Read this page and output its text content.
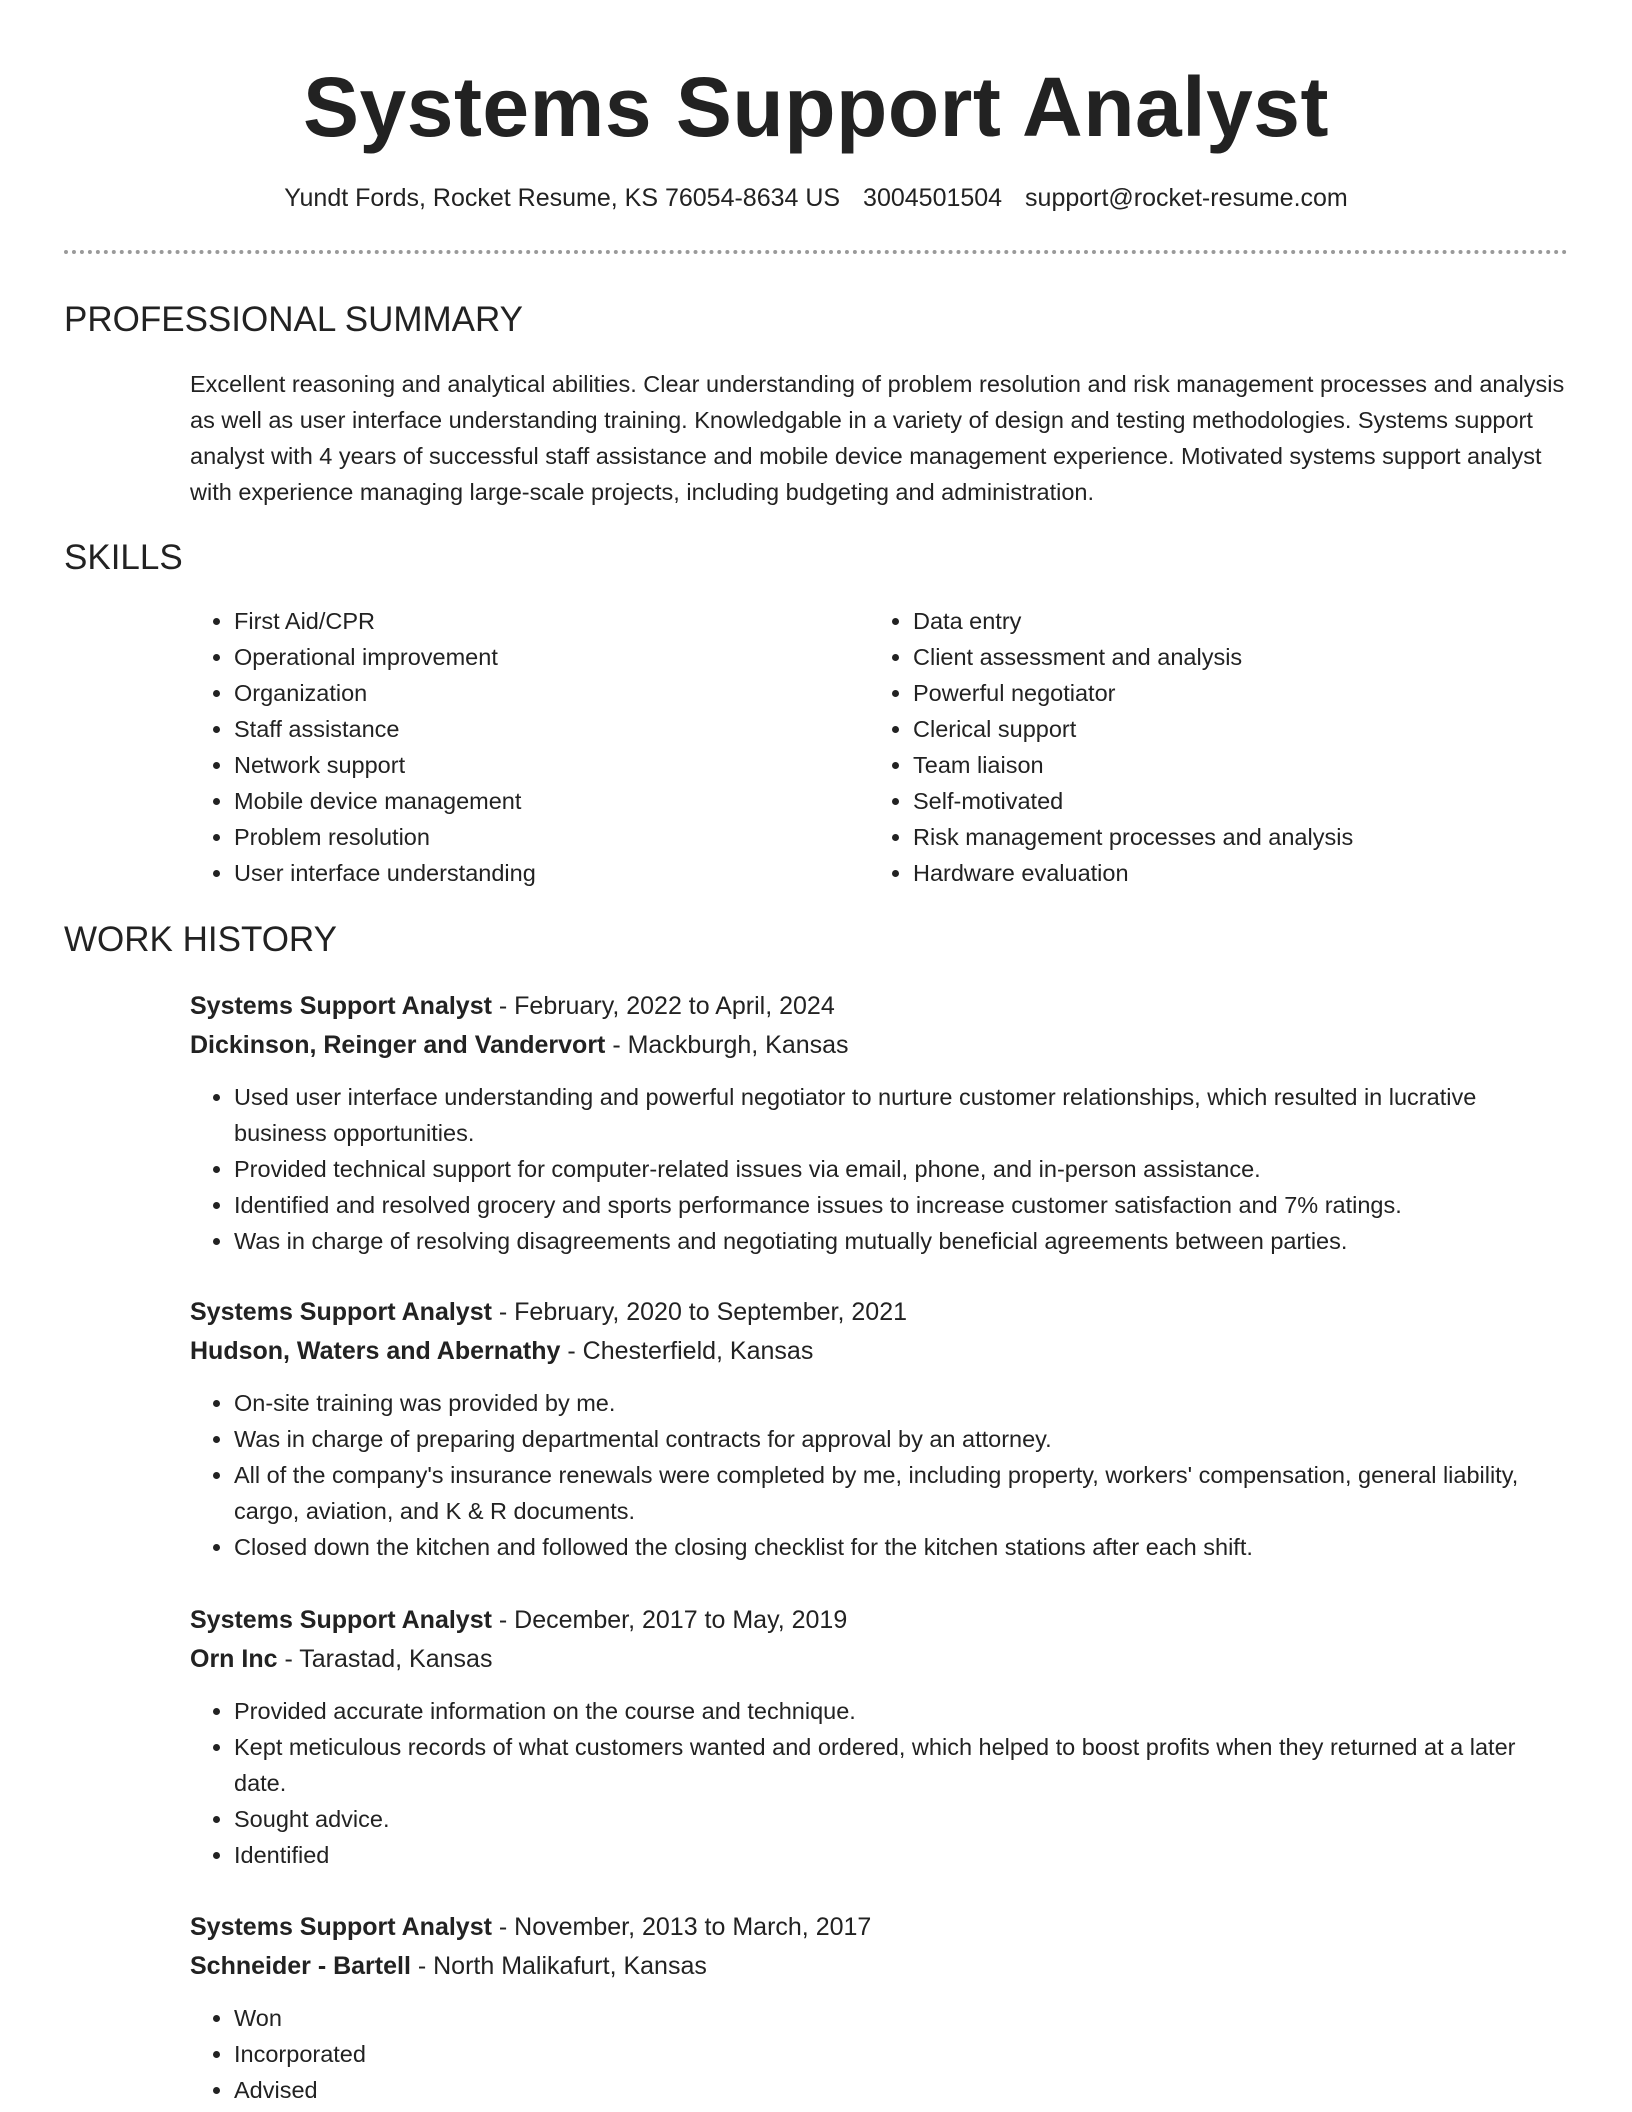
Systems Support Analyst
Yundt Fords, Rocket Resume, KS 76054-8634 US 3004501504 support@rocket-resume.com
PROFESSIONAL SUMMARY

Excellent reasoning and analytical abilities. Clear understanding of problem resolution and risk management processes and analysis as well as user interface understanding training. Knowledgable in a variety of design and testing methodologies. Systems support analyst with 4 years of successful staff assistance and mobile device management experience. Motivated systems support analyst with experience managing large-scale projects, including budgeting and administration.

SKILLS
• First Aid/CPR
• Operational improvement
• Organization
• Staff assistance
• Network support
• Mobile device management
• Problem resolution
• User interface understanding
• Data entry
• Client assessment and analysis
• Powerful negotiator
• Clerical support
• Team liaison
• Self-motivated
• Risk management processes and analysis
• Hardware evaluation
WORK HISTORY

Systems Support Analyst - February, 2022 to April, 2024

Dickinson, Reinger and Vandervort - Mackburgh, Kansas

• Used user interface understanding and powerful negotiator to nurture customer relationships, which resulted in lucrative business opportunities.
• Provided technical support for computer-related issues via email, phone, and in-person assistance.
• Identified and resolved grocery and sports performance issues to increase customer satisfaction and 7% ratings.
• Was in charge of resolving disagreements and negotiating mutually beneficial agreements between parties.

Systems Support Analyst - February, 2020 to September, 2021

Hudson, Waters and Abernathy - Chesterfield, Kansas

• On-site training was provided by me.
• Was in charge of preparing departmental contracts for approval by an attorney.
• All of the company's insurance renewals were completed by me, including property, workers' compensation, general liability, cargo, aviation, and K & R documents.
• Closed down the kitchen and followed the closing checklist for the kitchen stations after each shift.

Systems Support Analyst - December, 2017 to May, 2019

Orn Inc - Tarastad, Kansas

• Provided accurate information on the course and technique.
• Kept meticulous records of what customers wanted and ordered, which helped to boost profits when they returned at a later date.
• Sought advice.
• Identified

Systems Support Analyst - November, 2013 to March, 2017

Schneider - Bartell - North Malikafurt, Kansas

• Won
• Incorporated
• Advised
